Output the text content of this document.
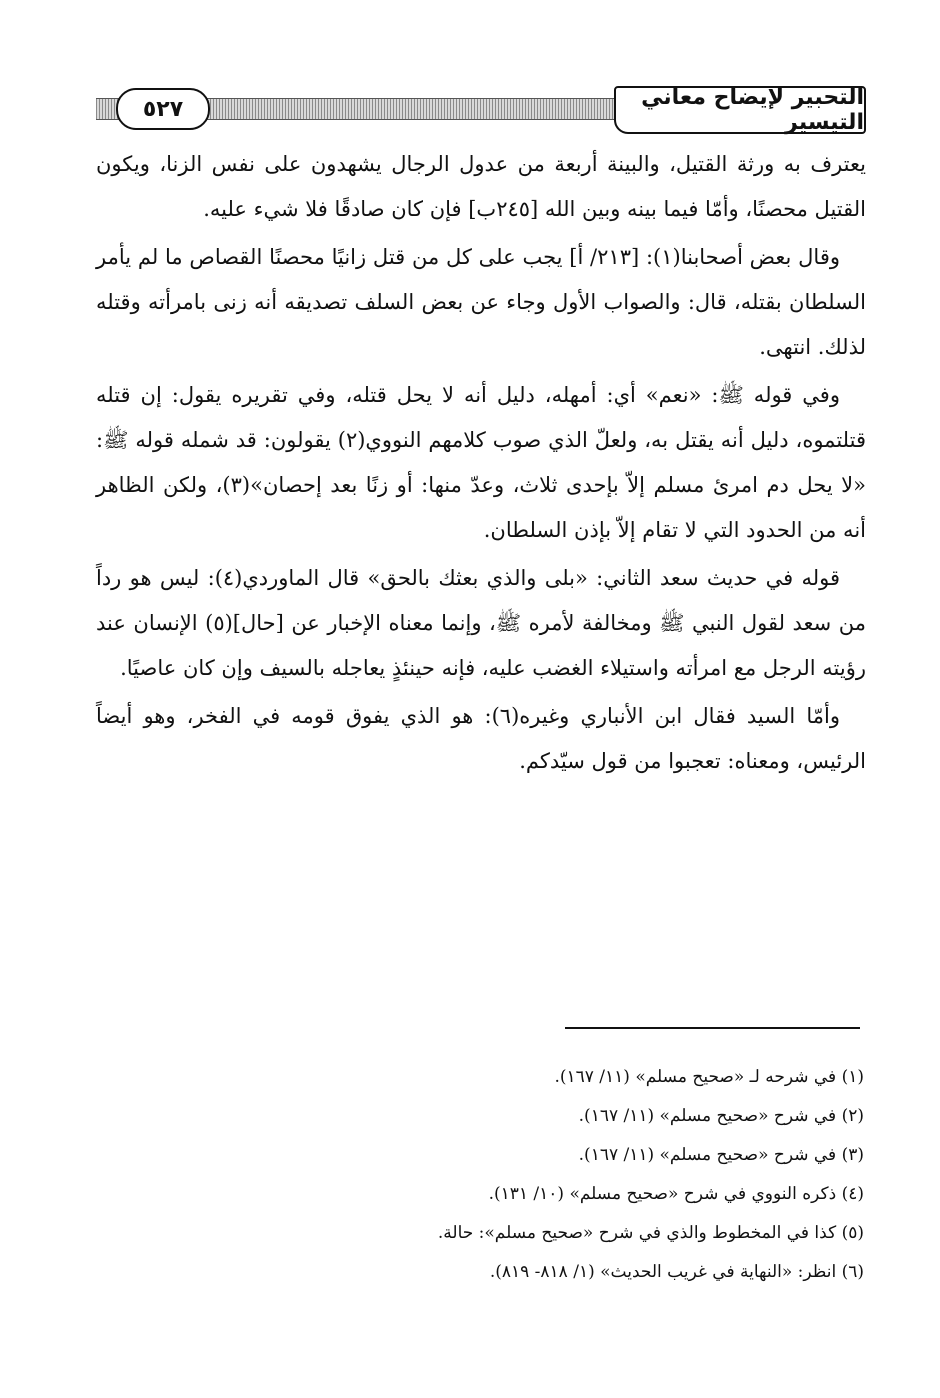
٥٢٧	التحبير لإيضاح معاني التيسير

يعترف به ورثة القتيل، والبينة أربعة من عدول الرجال يشهدون على نفس الزنا، ويكون القتيل محصنًا، وأمّا فيما بينه وبين الله [٢٤٥ب] فإن كان صادقًا فلا شيء عليه.

وقال بعض أصحابنا(١): [٢١٣/ أ] يجب على كل من قتل زانيًا محصنًا القصاص ما لم يأمر السلطان بقتله، قال: والصواب الأول وجاء عن بعض السلف تصديقه أنه زنى بامرأته وقتله لذلك. انتهى.

وفي قوله ﷺ: «نعم» أي: أمهله، دليل أنه لا يحل قتله، وفي تقريره يقول: إن قتله قتلتموه، دليل أنه يقتل به، ولعلّ الذي صوب كلامهم النووي(٢) يقولون: قد شمله قوله ﷺ: «لا يحل دم امرئ مسلم إلاّ بإحدى ثلاث، وعدّ منها: أو زنًا بعد إحصان»(٣)، ولكن الظاهر أنه من الحدود التي لا تقام إلاّ بإذن السلطان.

قوله في حديث سعد الثاني: «بلى والذي بعثك بالحق» قال الماوردي(٤): ليس هو رداً من سعد لقول النبي ﷺ ومخالفة لأمره ﷺ، وإنما معناه الإخبار عن [حال](٥) الإنسان عند رؤيته الرجل مع امرأته واستيلاء الغضب عليه، فإنه حينئذٍ يعاجله بالسيف وإن كان عاصيًا.

وأمّا السيد فقال ابن الأنباري وغيره(٦): هو الذي يفوق قومه في الفخر، وهو أيضاً الرئيس، ومعناه: تعجبوا من قول سيّدكم.

(١) في شرحه لـ «صحيح مسلم» (١١/ ١٦٧).
(٢) في شرح «صحيح مسلم» (١١/ ١٦٧).
(٣) في شرح «صحيح مسلم» (١١/ ١٦٧).
(٤) ذكره النووي في شرح «صحيح مسلم» (١٠/ ١٣١).
(٥) كذا في المخطوط والذي في شرح «صحيح مسلم»: حالة.
(٦) انظر: «النهاية في غريب الحديث» (١/ ٨١٨- ٨١٩).
